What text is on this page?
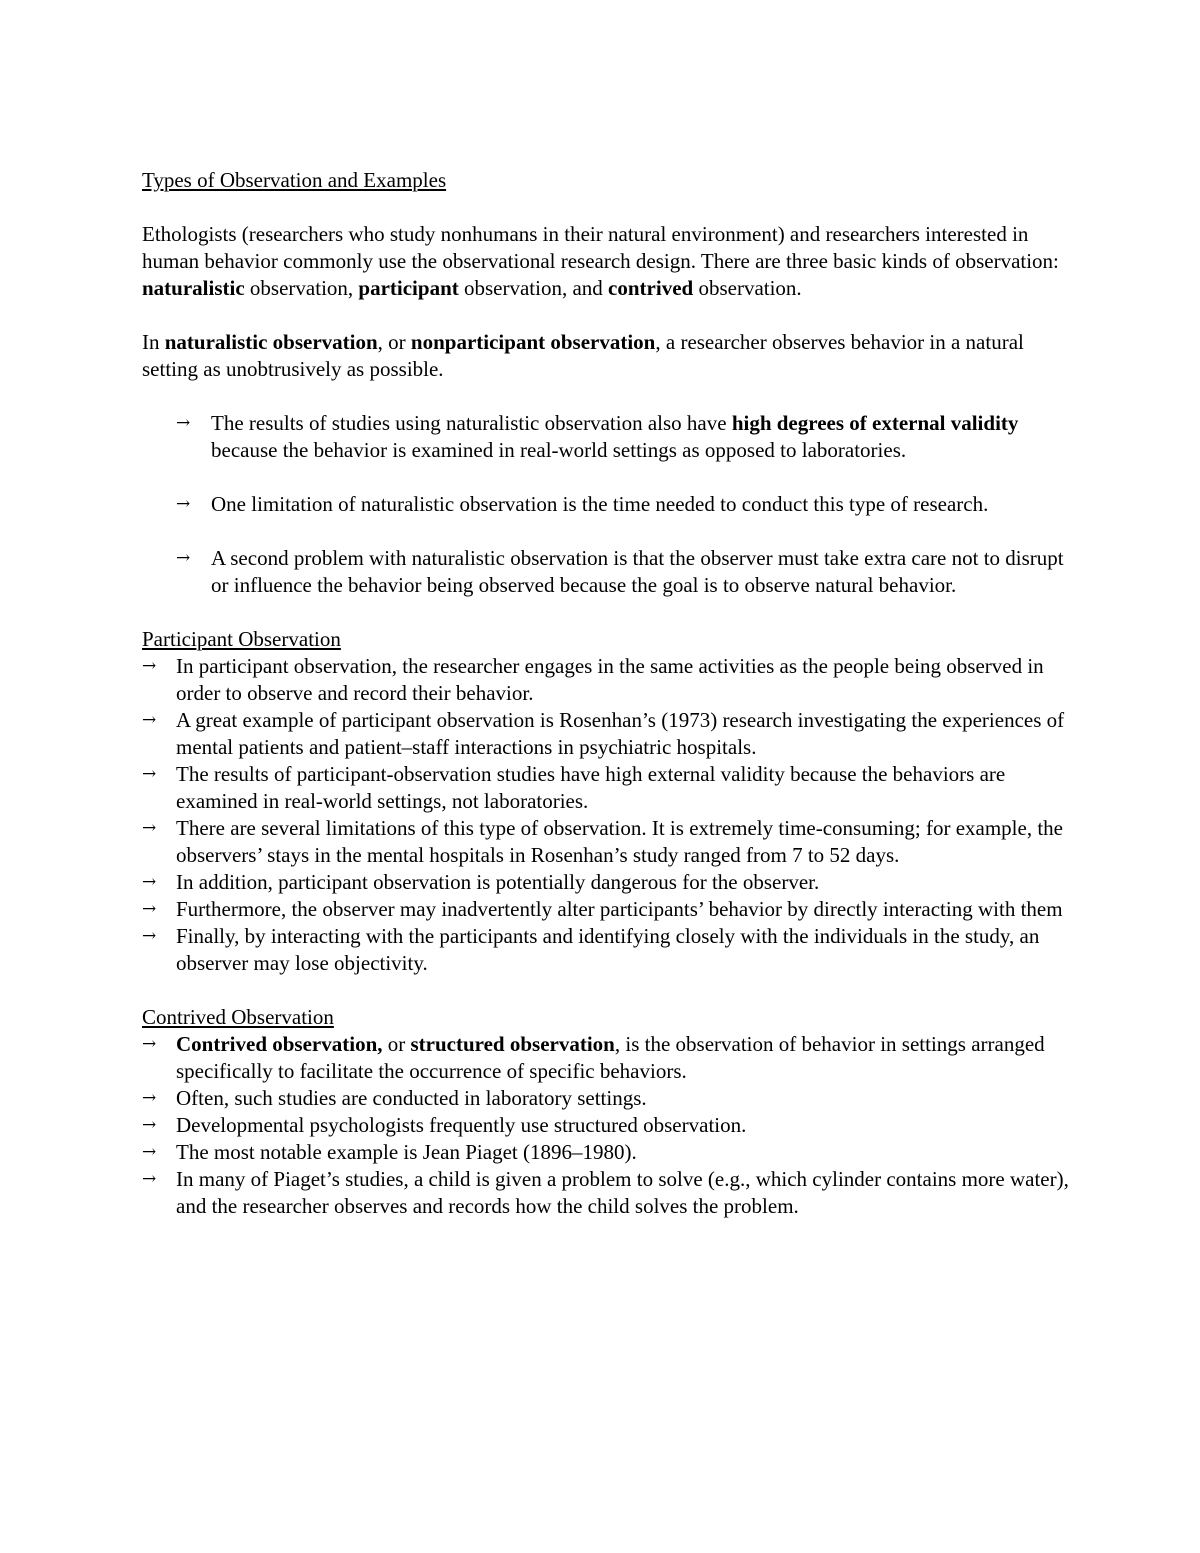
Types of Observation and Examples

Ethologists (researchers who study nonhumans in their natural environment) and researchers interested in human behavior commonly use the observational research design. There are three basic kinds of observation: naturalistic observation, participant observation, and contrived observation.

In naturalistic observation, or nonparticipant observation, a researcher observes behavior in a natural setting as unobtrusively as possible.

→ The results of studies using naturalistic observation also have high degrees of external validity because the behavior is examined in real-world settings as opposed to laboratories.
→ One limitation of naturalistic observation is the time needed to conduct this type of research.
→ A second problem with naturalistic observation is that the observer must take extra care not to disrupt or influence the behavior being observed because the goal is to observe natural behavior.

Participant Observation

→ In participant observation, the researcher engages in the same activities as the people being observed in order to observe and record their behavior.
→ A great example of participant observation is Rosenhan’s (1973) research investigating the experiences of mental patients and patient–staff interactions in psychiatric hospitals.
→ The results of participant-observation studies have high external validity because the behaviors are examined in real-world settings, not laboratories.
→ There are several limitations of this type of observation. It is extremely time-consuming; for example, the observers’ stays in the mental hospitals in Rosenhan’s study ranged from 7 to 52 days.
→ In addition, participant observation is potentially dangerous for the observer.
→ Furthermore, the observer may inadvertently alter participants’ behavior by directly interacting with them
→ Finally, by interacting with the participants and identifying closely with the individuals in the study, an observer may lose objectivity.

Contrived Observation

→ Contrived observation, or structured observation, is the observation of behavior in settings arranged specifically to facilitate the occurrence of specific behaviors.
→ Often, such studies are conducted in laboratory settings.
→ Developmental psychologists frequently use structured observation.
→ The most notable example is Jean Piaget (1896–1980).
→ In many of Piaget’s studies, a child is given a problem to solve (e.g., which cylinder contains more water), and the researcher observes and records how the child solves the problem.
